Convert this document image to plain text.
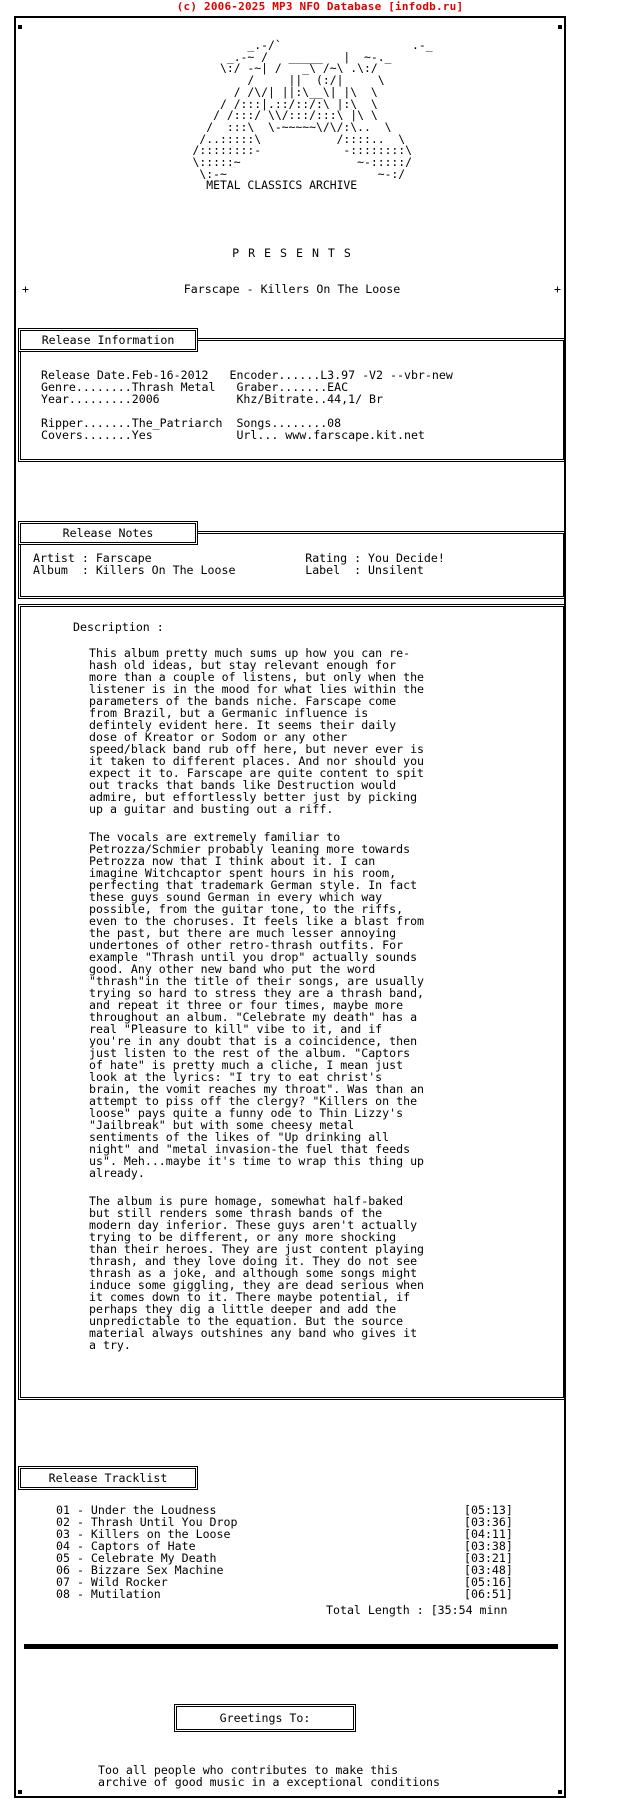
(c) 2006-2025 MP3 NFO Database [infodb.ru]
_.-/`                   .-_
_.-~ /   _____   |  ~-._
\:/ -~| /   _\ /~\ .\:/
/     ||  (:/|     \
/ /\/| ||:\__\| |\  \
/ /:::|.::/::/:\ |:\  \
/ /:::/ \\/:::/:::\ |\ \
/  :::\  \-~~~~~\/\/:\..  \
/..:::::\           /::::..  \
/::::::::-            -::::::::\
\:::::~                 ~-:::::/
\:-~                      ~-:/
METAL CLASSICS ARCHIVE
P R E S E N T S
+	Farscape - Killers On The Loose	+
Release Date.Feb-16-2012   Encoder......L3.97 -V2 --vbr-new
Genre........Thrash Metal   Graber.......EAC
Year.........2006           Khz/Bitrate..44,1/ Br

Ripper.......The_Patriarch  Songs........08
Covers.......Yes            Url... www.farscape.kit.net
Release Information
Artist : Farscape                      Rating : You Decide!
Album  : Killers On The Loose          Label  : Unsilent
Release Notes
Description :
This album pretty much sums up how you can re-
hash old ideas, but stay relevant enough for
more than a couple of listens, but only when the
listener is in the mood for what lies within the
parameters of the bands niche. Farscape come
from Brazil, but a Germanic influence is
defintely evident here. It seems their daily
dose of Kreator or Sodom or any other
speed/black band rub off here, but never ever is
it taken to different places. And nor should you
expect it to. Farscape are quite content to spit
out tracks that bands like Destruction would
admire, but effortlessly better just by picking
up a guitar and busting out a riff.
The vocals are extremely familiar to
Petrozza/Schmier probably leaning more towards
Petrozza now that I think about it. I can
imagine Witchcaptor spent hours in his room,
perfecting that trademark German style. In fact
these guys sound German in every which way
possible, from the guitar tone, to the riffs,
even to the choruses. It feels like a blast from
the past, but there are much lesser annoying
undertones of other retro-thrash outfits. For
example "Thrash until you drop" actually sounds
good. Any other new band who put the word
"thrash"in the title of their songs, are usually
trying so hard to stress they are a thrash band,
and repeat it three or four times, maybe more
throughout an album. "Celebrate my death" has a
real "Pleasure to kill" vibe to it, and if
you're in any doubt that is a coincidence, then
just listen to the rest of the album. "Captors
of hate" is pretty much a cliche, I mean just
look at the lyrics: "I try to eat christ's
brain, the vomit reaches my throat". Was than an
attempt to piss off the clergy? "Killers on the
loose" pays quite a funny ode to Thin Lizzy's
"Jailbreak" but with some cheesy metal
sentiments of the likes of "Up drinking all
night" and "metal invasion-the fuel that feeds
us". Meh...maybe it's time to wrap this thing up
already.
The album is pure homage, somewhat half-baked
but still renders some thrash bands of the
modern day inferior. These guys aren't actually
trying to be different, or any more shocking
than their heroes. They are just content playing
thrash, and they love doing it. They do not see
thrash as a joke, and although some songs might
induce some giggling, they are dead serious when
it comes down to it. There maybe potential, if
perhaps they dig a little deeper and add the
unpredictable to the equation. But the source
material always outshines any band who gives it
a try.
Release Tracklist
01 - Under the Loudness	[05:13]
02 - Thrash Until You Drop	[03:36]
03 - Killers on the Loose	[04:11]
04 - Captors of Hate	[03:38]
05 - Celebrate My Death	[03:21]
06 - Bizzare Sex Machine	[03:48]
07 - Wild Rocker	[05:16]
08 - Mutilation	[06:51]
Total Length : [35:54 minn
Greetings To:
Too all people who contributes to make this
archive of good music in a exceptional conditions
